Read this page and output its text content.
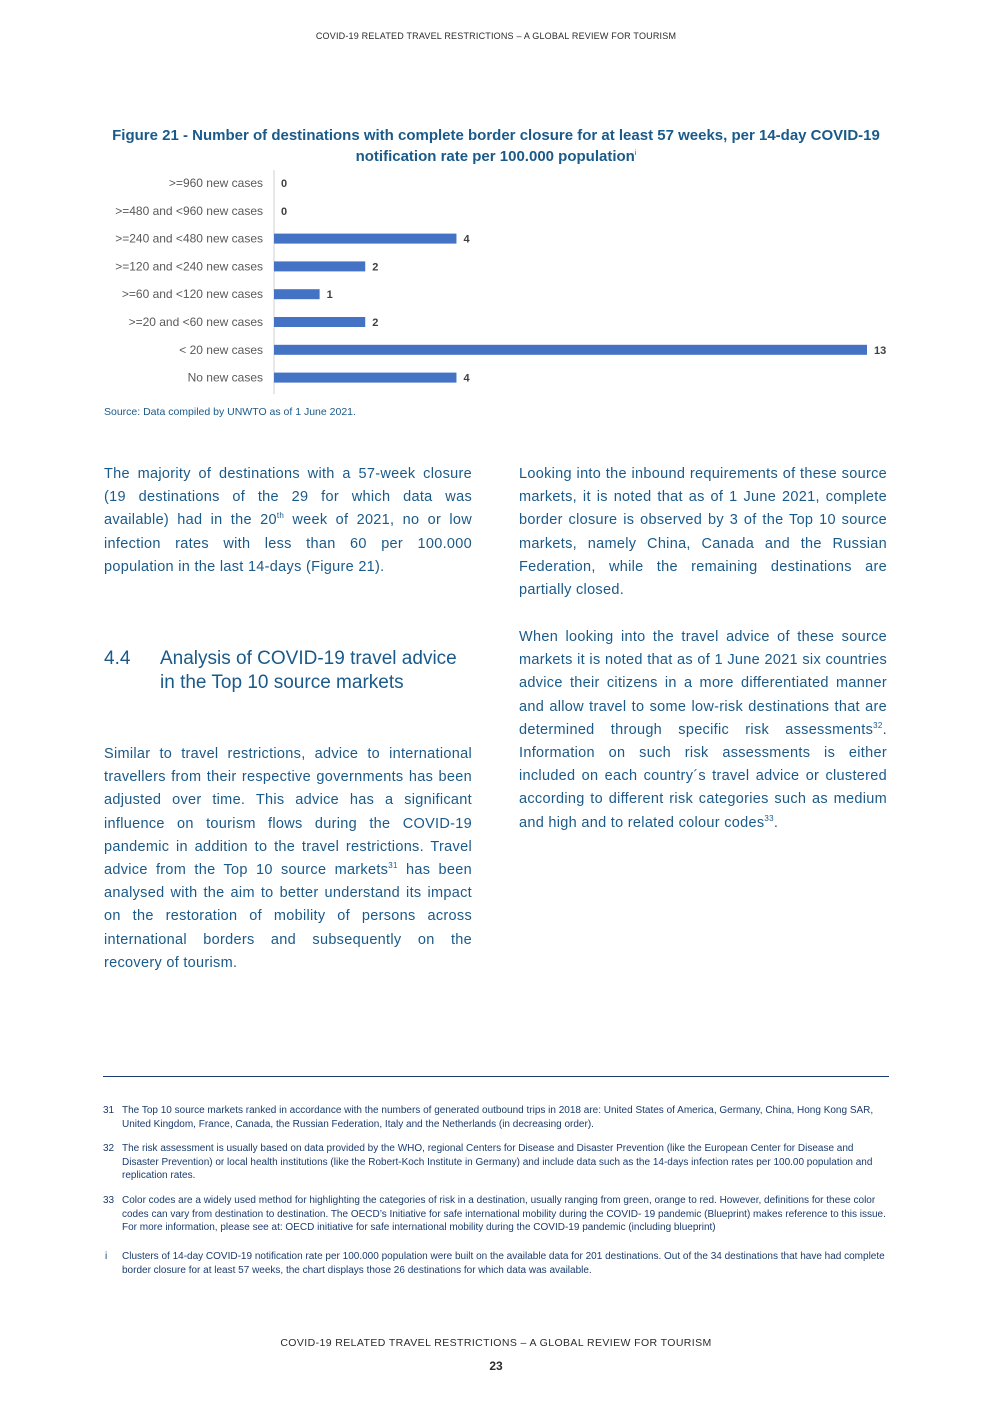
COVID-19 RELATED TRAVEL RESTRICTIONS – A GLOBAL REVIEW FOR TOURISM
Figure 21 - Number of destinations with complete border closure for at least 57 weeks, per 14-day COVID-19 notification rate per 100.000 population$^i$
>=960 new cases 0
>=480 and <960 new cases 0
>=240 and <480 new cases	4
>=120 and <240 new cases	2
>=60 and <120 new cases	1
>=20 and <60 new cases	2
< 20 new cases	13
No new cases	4
Source: Data compiled by UNWTO as of 1 June 2021.

The majority of destinations with a 57-week closure (19 destinations of the 29 for which data was available) had in the 20th week of 2021, no or low infection rates with less than 60 per 100.000 population in the last 14-days (Figure 21).

4.4	Analysis of COVID-19 travel advice in the Top 10 source markets

Similar to travel restrictions, advice to international travellers from their respective governments has been adjusted over time. This advice has a significant influence on tourism flows during the COVID-19 pandemic in addition to the travel restrictions. Travel advice from the Top 10 source markets$^{31}$ has been analysed with the aim to better understand its impact on the restoration of mobility of persons across international borders and subsequently on the recovery of tourism.

Looking into the inbound requirements of these source markets, it is noted that as of 1 June 2021, complete border closure is observed by 3 of the Top 10 source markets, namely China, Canada and the Russian Federation, while the remaining destinations are partially closed.

When looking into the travel advice of these source markets it is noted that as of 1 June 2021 six countries advice their citizens in a more differentiated manner and allow travel to some low-risk destinations that are determined through specific risk assessments$^{32}$. Information on such risk assessments is either included on each country´s travel advice or clustered according to different risk categories such as medium and high and to related colour codes$^{33}$.

31 The Top 10 source markets ranked in accordance with the numbers of generated outbound trips in 2018 are: United States of America, Germany, China, Hong Kong SAR, United Kingdom, France, Canada, the Russian Federation, Italy and the Netherlands (in decreasing order).
32 The risk assessment is usually based on data provided by the WHO, regional Centers for Disease and Disaster Prevention (like the European Center for Disease and Disaster Prevention) or local health institutions (like the Robert-Koch Institute in Germany) and include data such as the 14-days infection rates per 100.00 population and replication rates.
33 Color codes are a widely used method for highlighting the categories of risk in a destination, usually ranging from green, orange to red. However, definitions for these color codes can vary from destination to destination. The OECD’s Initiative for safe international mobility during the COVID- 19 pandemic (Blueprint) makes reference to this issue. For more information, please see at: OECD initiative for safe international mobility during the COVID-19 pandemic (including blueprint)
i Clusters of 14-day COVID-19 notification rate per 100.000 population were built on the available data for 201 destinations. Out of the 34 destinations that have had complete border closure for at least 57 weeks, the chart displays those 26 destinations for which data was available.
COVID-19 RELATED TRAVEL RESTRICTIONS – A GLOBAL REVIEW FOR TOURISM
23
